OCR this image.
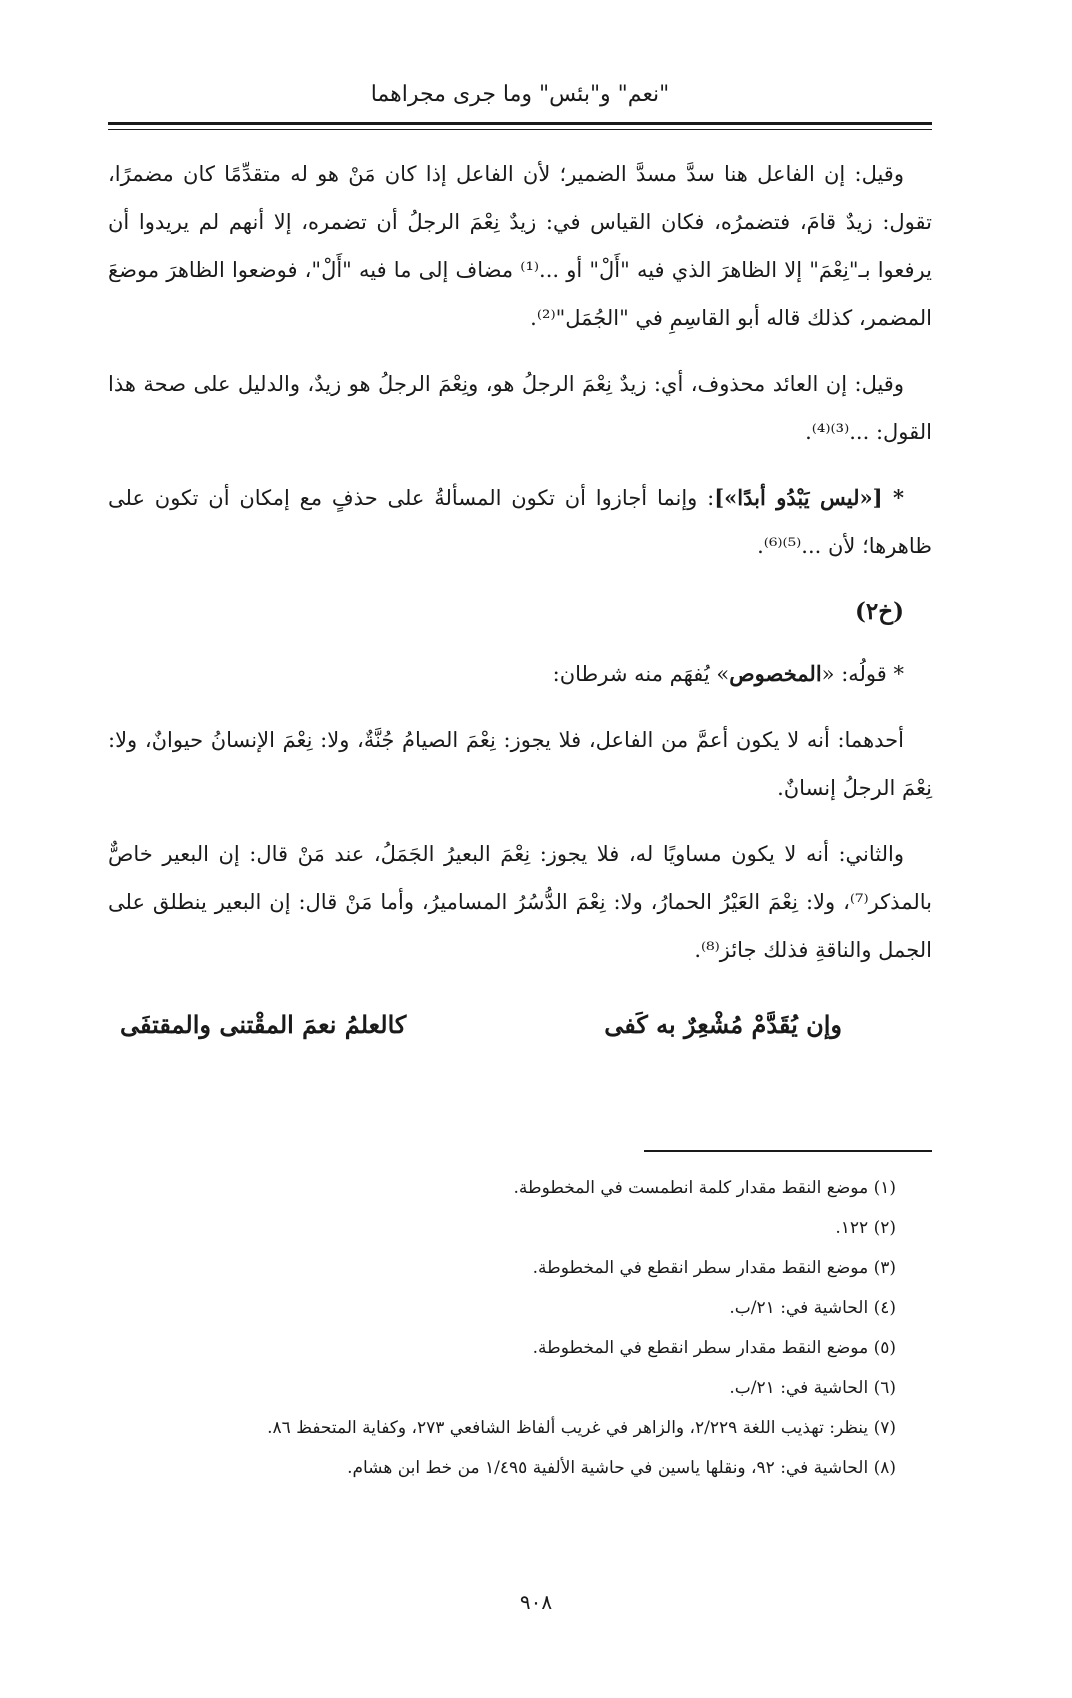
"نعم" و"بئس" وما جرى مجراهما

وقيل: إن الفاعل هنا سدَّ مسدَّ الضمير؛ لأن الفاعل إذا كان مَنْ هو له متقدِّمًا كان مضمرًا، تقول: زيدٌ قامَ، فتضمرُه، فكان القياس في: زيدٌ نِعْمَ الرجلُ أن تضمره، إلا أنهم لم يريدوا أن يرفعوا بـ"نِعْمَ" إلا الظاهرَ الذي فيه "أَلْ" أو ...⁽¹⁾ مضاف إلى ما فيه "أَلْ"، فوضعوا الظاهرَ موضعَ المضمر، كذلك قاله أبو القاسِمِ في "الجُمَل"⁽²⁾.

وقيل: إن العائد محذوف، أي: زيدٌ نِعْمَ الرجلُ هو، ونِعْمَ الرجلُ هو زيدٌ، والدليل على صحة هذا القول: ...⁽³⁾⁽⁴⁾.

* [«ليس يَبْدُو أبدًا»]: وإنما أجازوا أن تكون المسألةُ على حذفٍ مع إمكان أن تكون على ظاهرها؛ لأن ...⁽⁵⁾⁽⁶⁾.

(خ٢)

* قولُه: «المخصوص» يُفهَم منه شرطان:

أحدهما: أنه لا يكون أعمَّ من الفاعل، فلا يجوز: نِعْمَ الصيامُ جُنَّةٌ، ولا: نِعْمَ الإنسانُ حيوانٌ، ولا: نِعْمَ الرجلُ إنسانٌ.

والثاني: أنه لا يكون مساويًا له، فلا يجوز: نِعْمَ البعيرُ الجَمَلُ، عند مَنْ قال: إن البعير خاصٌّ بالمذكر⁽⁷⁾، ولا: نِعْمَ العَيْرُ الحمارُ، ولا: نِعْمَ الدُّسُرُ المساميرُ، وأما مَنْ قال: إن البعير ينطلق على الجمل والناقةِ فذلك جائز⁽⁸⁾.

وإن يُقَدَّمْ مُشْعِرٌ به كَفى
كالعلمُ نعمَ المقْتنى والمقتفَى
(١) موضع النقط مقدار كلمة انطمست في المخطوطة.
(٢) ١٢٢.
(٣) موضع النقط مقدار سطر انقطع في المخطوطة.
(٤) الحاشية في: ٢١/ب.
(٥) موضع النقط مقدار سطر انقطع في المخطوطة.
(٦) الحاشية في: ٢١/ب.
(٧) ينظر: تهذيب اللغة ٢/٢٢٩، والزاهر في غريب ألفاظ الشافعي ٢٧٣، وكفاية المتحفظ ٨٦.
(٨) الحاشية في: ٩٢، ونقلها ياسين في حاشية الألفية ١/٤٩٥ من خط ابن هشام.
٩٠٨
